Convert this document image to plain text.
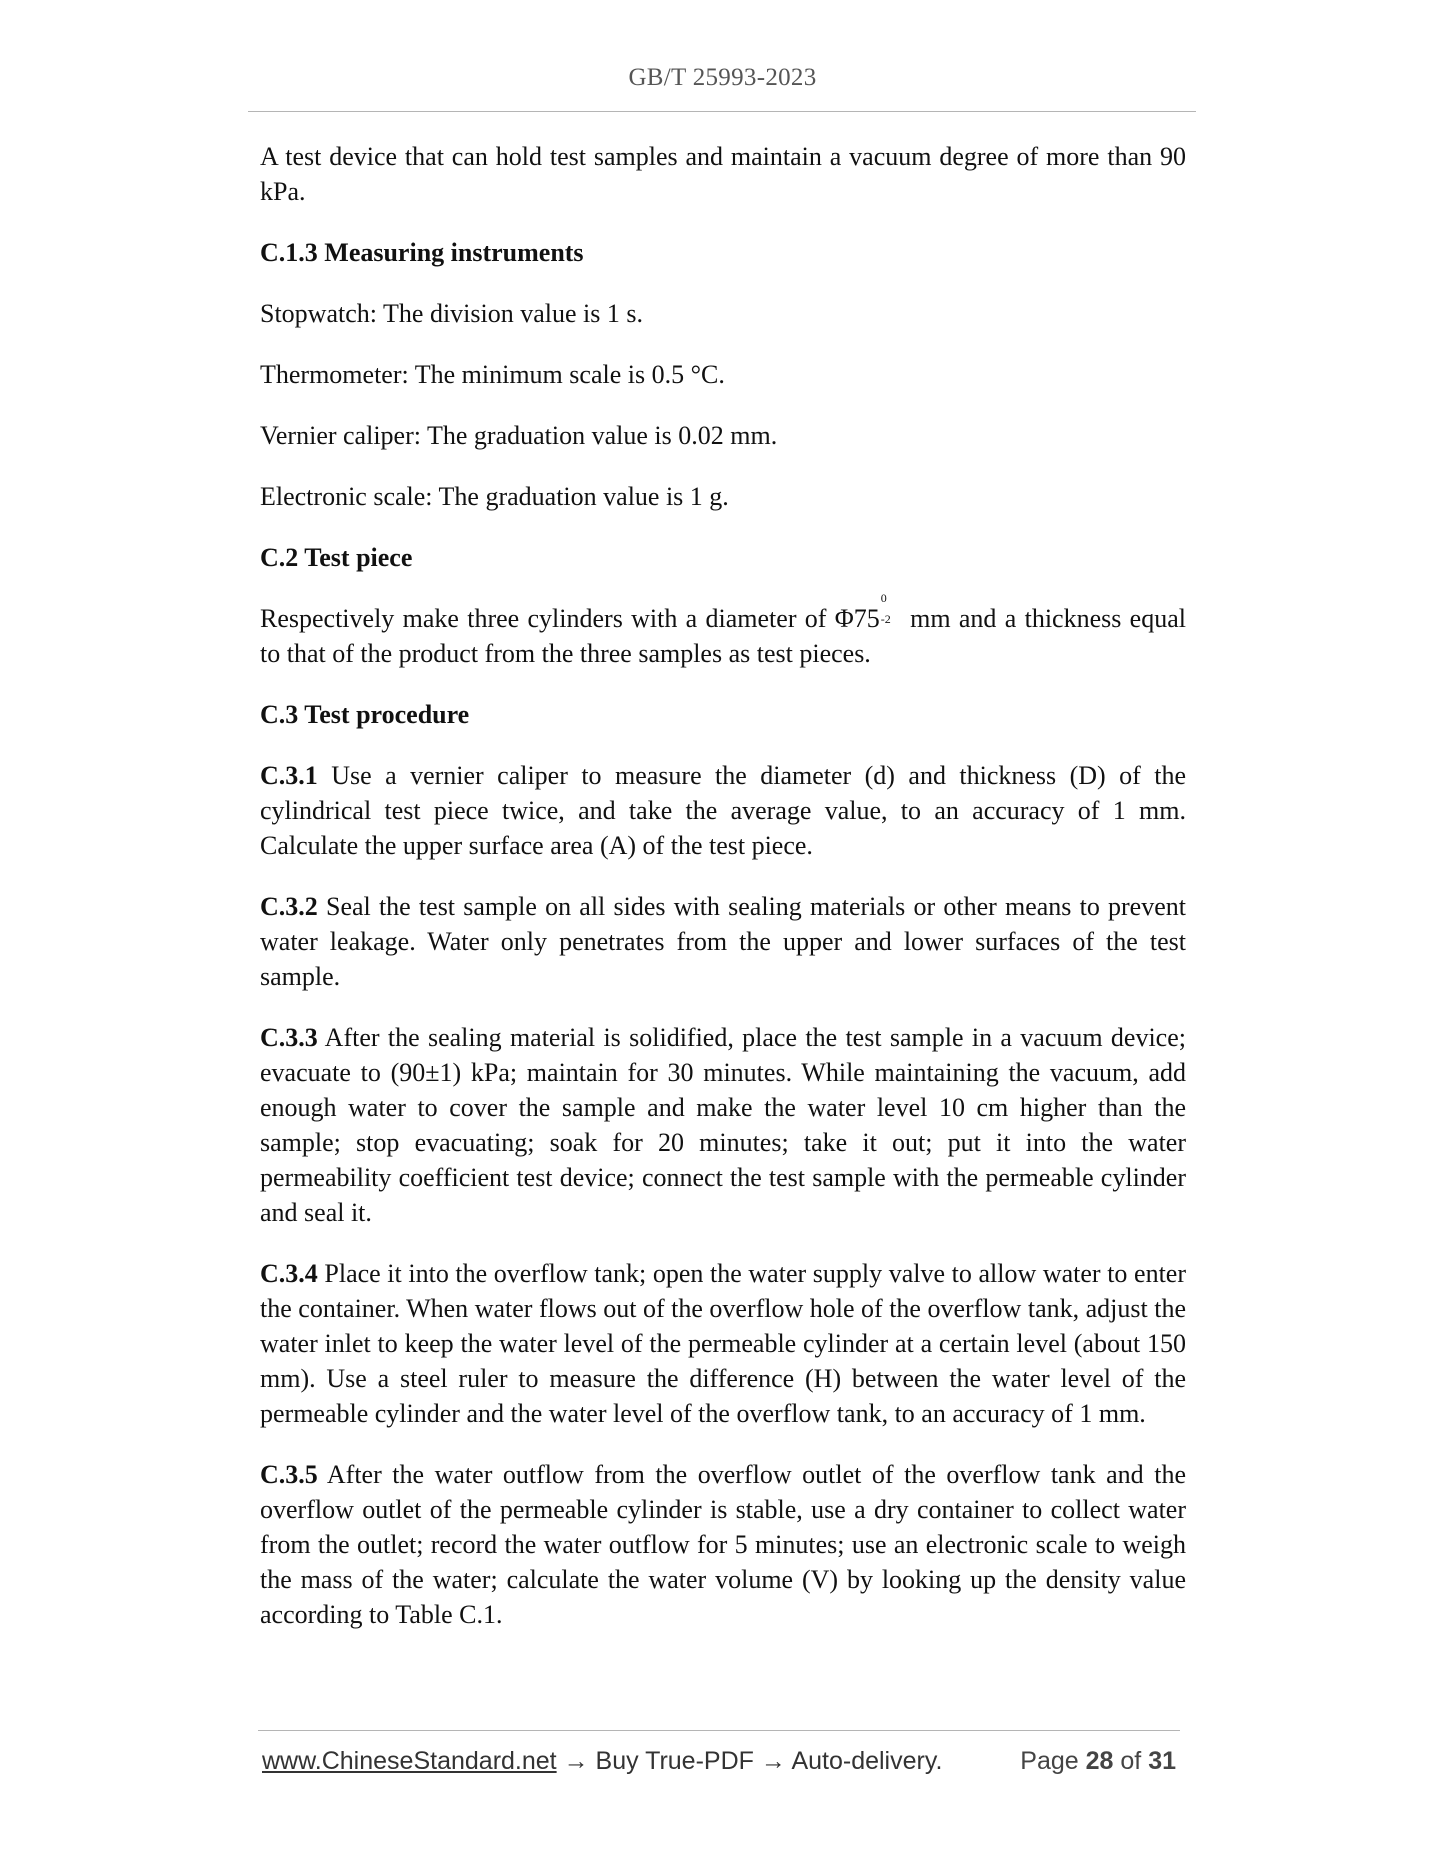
GB/T 25993-2023

A test device that can hold test samples and maintain a vacuum degree of more than 90 kPa.

C.1.3 Measuring instruments

Stopwatch: The division value is 1 s.

Thermometer: The minimum scale is 0.5 °C.

Vernier caliper: The graduation value is 0.02 mm.

Electronic scale: The graduation value is 1 g.

C.2 Test piece

Respectively make three cylinders with a diameter of Φ75
0
-2 mm and a thickness equal to that of the product from the three samples as test pieces.

C.3 Test procedure

C.3.1 Use a vernier caliper to measure the diameter (d) and thickness (D) of the cylindrical test piece twice, and take the average value, to an accuracy of 1 mm. Calculate the upper surface area (A) of the test piece.

C.3.2 Seal the test sample on all sides with sealing materials or other means to prevent water leakage. Water only penetrates from the upper and lower surfaces of the test sample.

C.3.3 After the sealing material is solidified, place the test sample in a vacuum device; evacuate to (90±1) kPa; maintain for 30 minutes. While maintaining the vacuum, add enough water to cover the sample and make the water level 10 cm higher than the sample; stop evacuating; soak for 20 minutes; take it out; put it into the water permeability coefficient test device; connect the test sample with the permeable cylinder and seal it.

C.3.4 Place it into the overflow tank; open the water supply valve to allow water to enter the container. When water flows out of the overflow hole of the overflow tank, adjust the water inlet to keep the water level of the permeable cylinder at a certain level (about 150 mm). Use a steel ruler to measure the difference (H) between the water level of the permeable cylinder and the water level of the overflow tank, to an accuracy of 1 mm.

C.3.5 After the water outflow from the overflow outlet of the overflow tank and the overflow outlet of the permeable cylinder is stable, use a dry container to collect water from the outlet; record the water outflow for 5 minutes; use an electronic scale to weigh the mass of the water; calculate the water volume (V) by looking up the density value according to Table C.1.

www.ChineseStandard.net → Buy True-PDF → Auto-delivery.	Page 28 of 31
